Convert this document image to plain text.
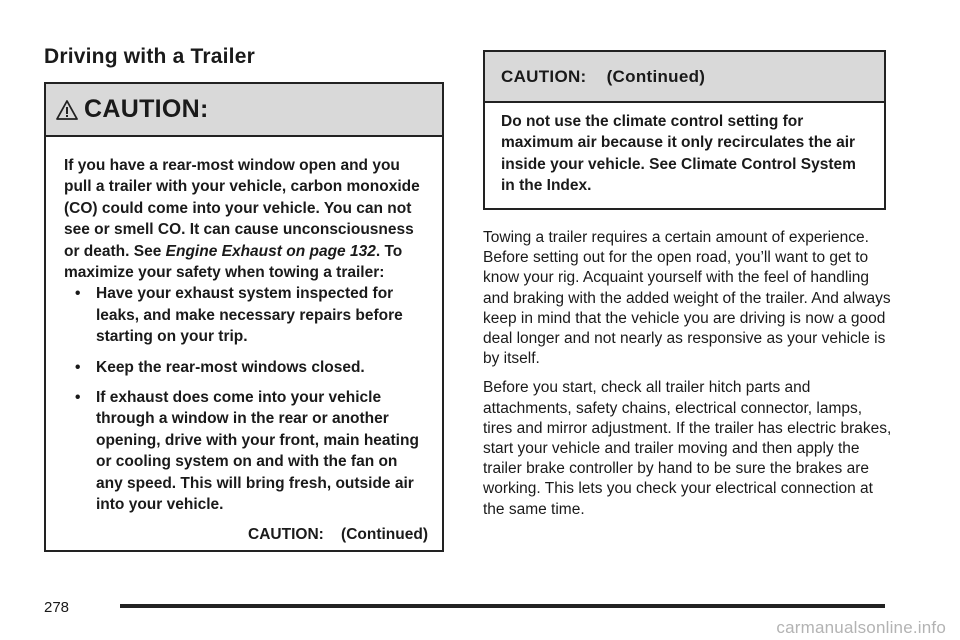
Driving with a Trailer
CAUTION:

If you have a rear-most window open and you pull a trailer with your vehicle, carbon monoxide (CO) could come into your vehicle. You can not see or smell CO. It can cause unconsciousness or death. See Engine Exhaust on page 132. To maximize your safety when towing a trailer:

• Have your exhaust system inspected for leaks, and make necessary repairs before starting on your trip.
• Keep the rear-most windows closed.
• If exhaust does come into your vehicle through a window in the rear or another opening, drive with your front, main heating or cooling system on and with the fan on any speed. This will bring fresh, outside air into your vehicle.
CAUTION:    (Continued)
CAUTION:    (Continued)
Do not use the climate control setting for maximum air because it only recirculates the air inside your vehicle. See Climate Control System in the Index.

Towing a trailer requires a certain amount of experience. Before setting out for the open road, you’ll want to get to know your rig. Acquaint yourself with the feel of handling and braking with the added weight of the trailer. And always keep in mind that the vehicle you are driving is now a good deal longer and not nearly as responsive as your vehicle is by itself.

Before you start, check all trailer hitch parts and attachments, safety chains, electrical connector, lamps, tires and mirror adjustment. If the trailer has electric brakes, start your vehicle and trailer moving and then apply the trailer brake controller by hand to be sure the brakes are working. This lets you check your electrical connection at the same time.

278
carmanualsonline.info
